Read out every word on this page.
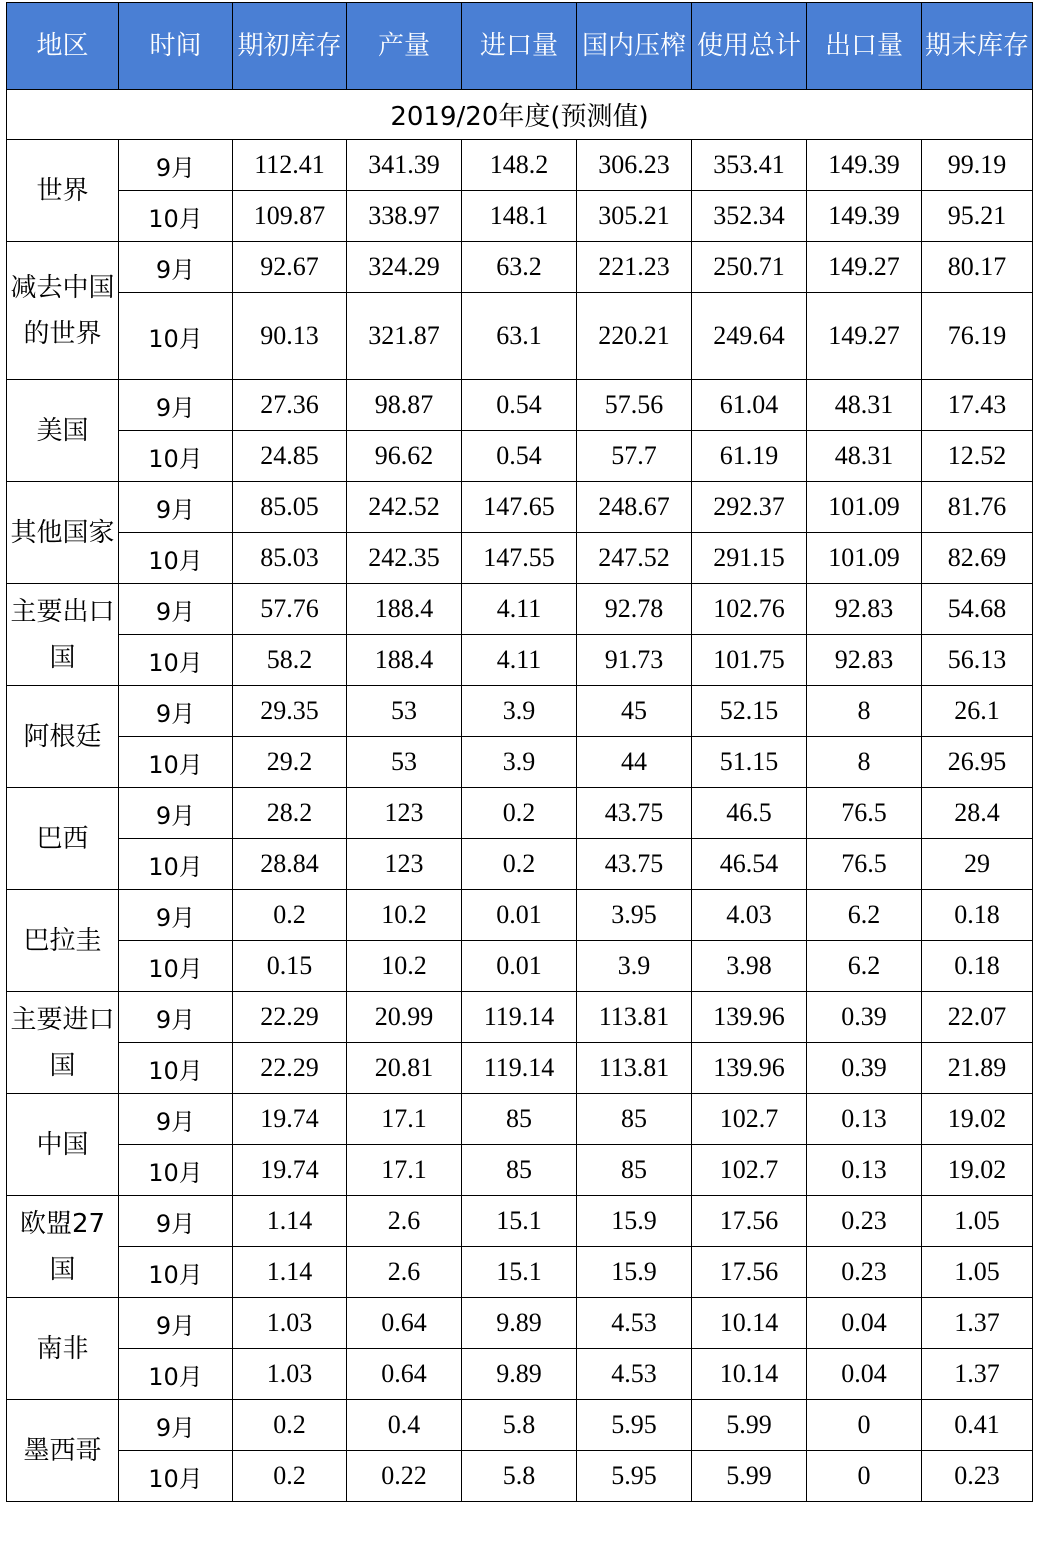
地区	时间	期初库存	产量	进口量	国内压榨	使用总计	出口量	期末库存
2019/20年度(预测值)								
世界	9月	112.41	341.39	148.2	306.23	353.41	149.39	99.19
	10月	109.87	338.97	148.1	305.21	352.34	149.39	95.21
减去中国的世界	9月	92.67	324.29	63.2	221.23	250.71	149.27	80.17
	10月	90.13	321.87	63.1	220.21	249.64	149.27	76.19
美国	9月	27.36	98.87	0.54	57.56	61.04	48.31	17.43
	10月	24.85	96.62	0.54	57.7	61.19	48.31	12.52
其他国家	9月	85.05	242.52	147.65	248.67	292.37	101.09	81.76
	10月	85.03	242.35	147.55	247.52	291.15	101.09	82.69
主要出口国	9月	57.76	188.4	4.11	92.78	102.76	92.83	54.68
	10月	58.2	188.4	4.11	91.73	101.75	92.83	56.13
阿根廷	9月	29.35	53	3.9	45	52.15	8	26.1
	10月	29.2	53	3.9	44	51.15	8	26.95
巴西	9月	28.2	123	0.2	43.75	46.5	76.5	28.4
	10月	28.84	123	0.2	43.75	46.54	76.5	29
巴拉圭	9月	0.2	10.2	0.01	3.95	4.03	6.2	0.18
	10月	0.15	10.2	0.01	3.9	3.98	6.2	0.18
主要进口国	9月	22.29	20.99	119.14	113.81	139.96	0.39	22.07
	10月	22.29	20.81	119.14	113.81	139.96	0.39	21.89
中国	9月	19.74	17.1	85	85	102.7	0.13	19.02
	10月	19.74	17.1	85	85	102.7	0.13	19.02
欧盟27国	9月	1.14	2.6	15.1	15.9	17.56	0.23	1.05
	10月	1.14	2.6	15.1	15.9	17.56	0.23	1.05
南非	9月	1.03	0.64	9.89	4.53	10.14	0.04	1.37
	10月	1.03	0.64	9.89	4.53	10.14	0.04	1.37
墨西哥	9月	0.2	0.4	5.8	5.95	5.99	0	0.41
	10月	0.2	0.22	5.8	5.95	5.99	0	0.23
